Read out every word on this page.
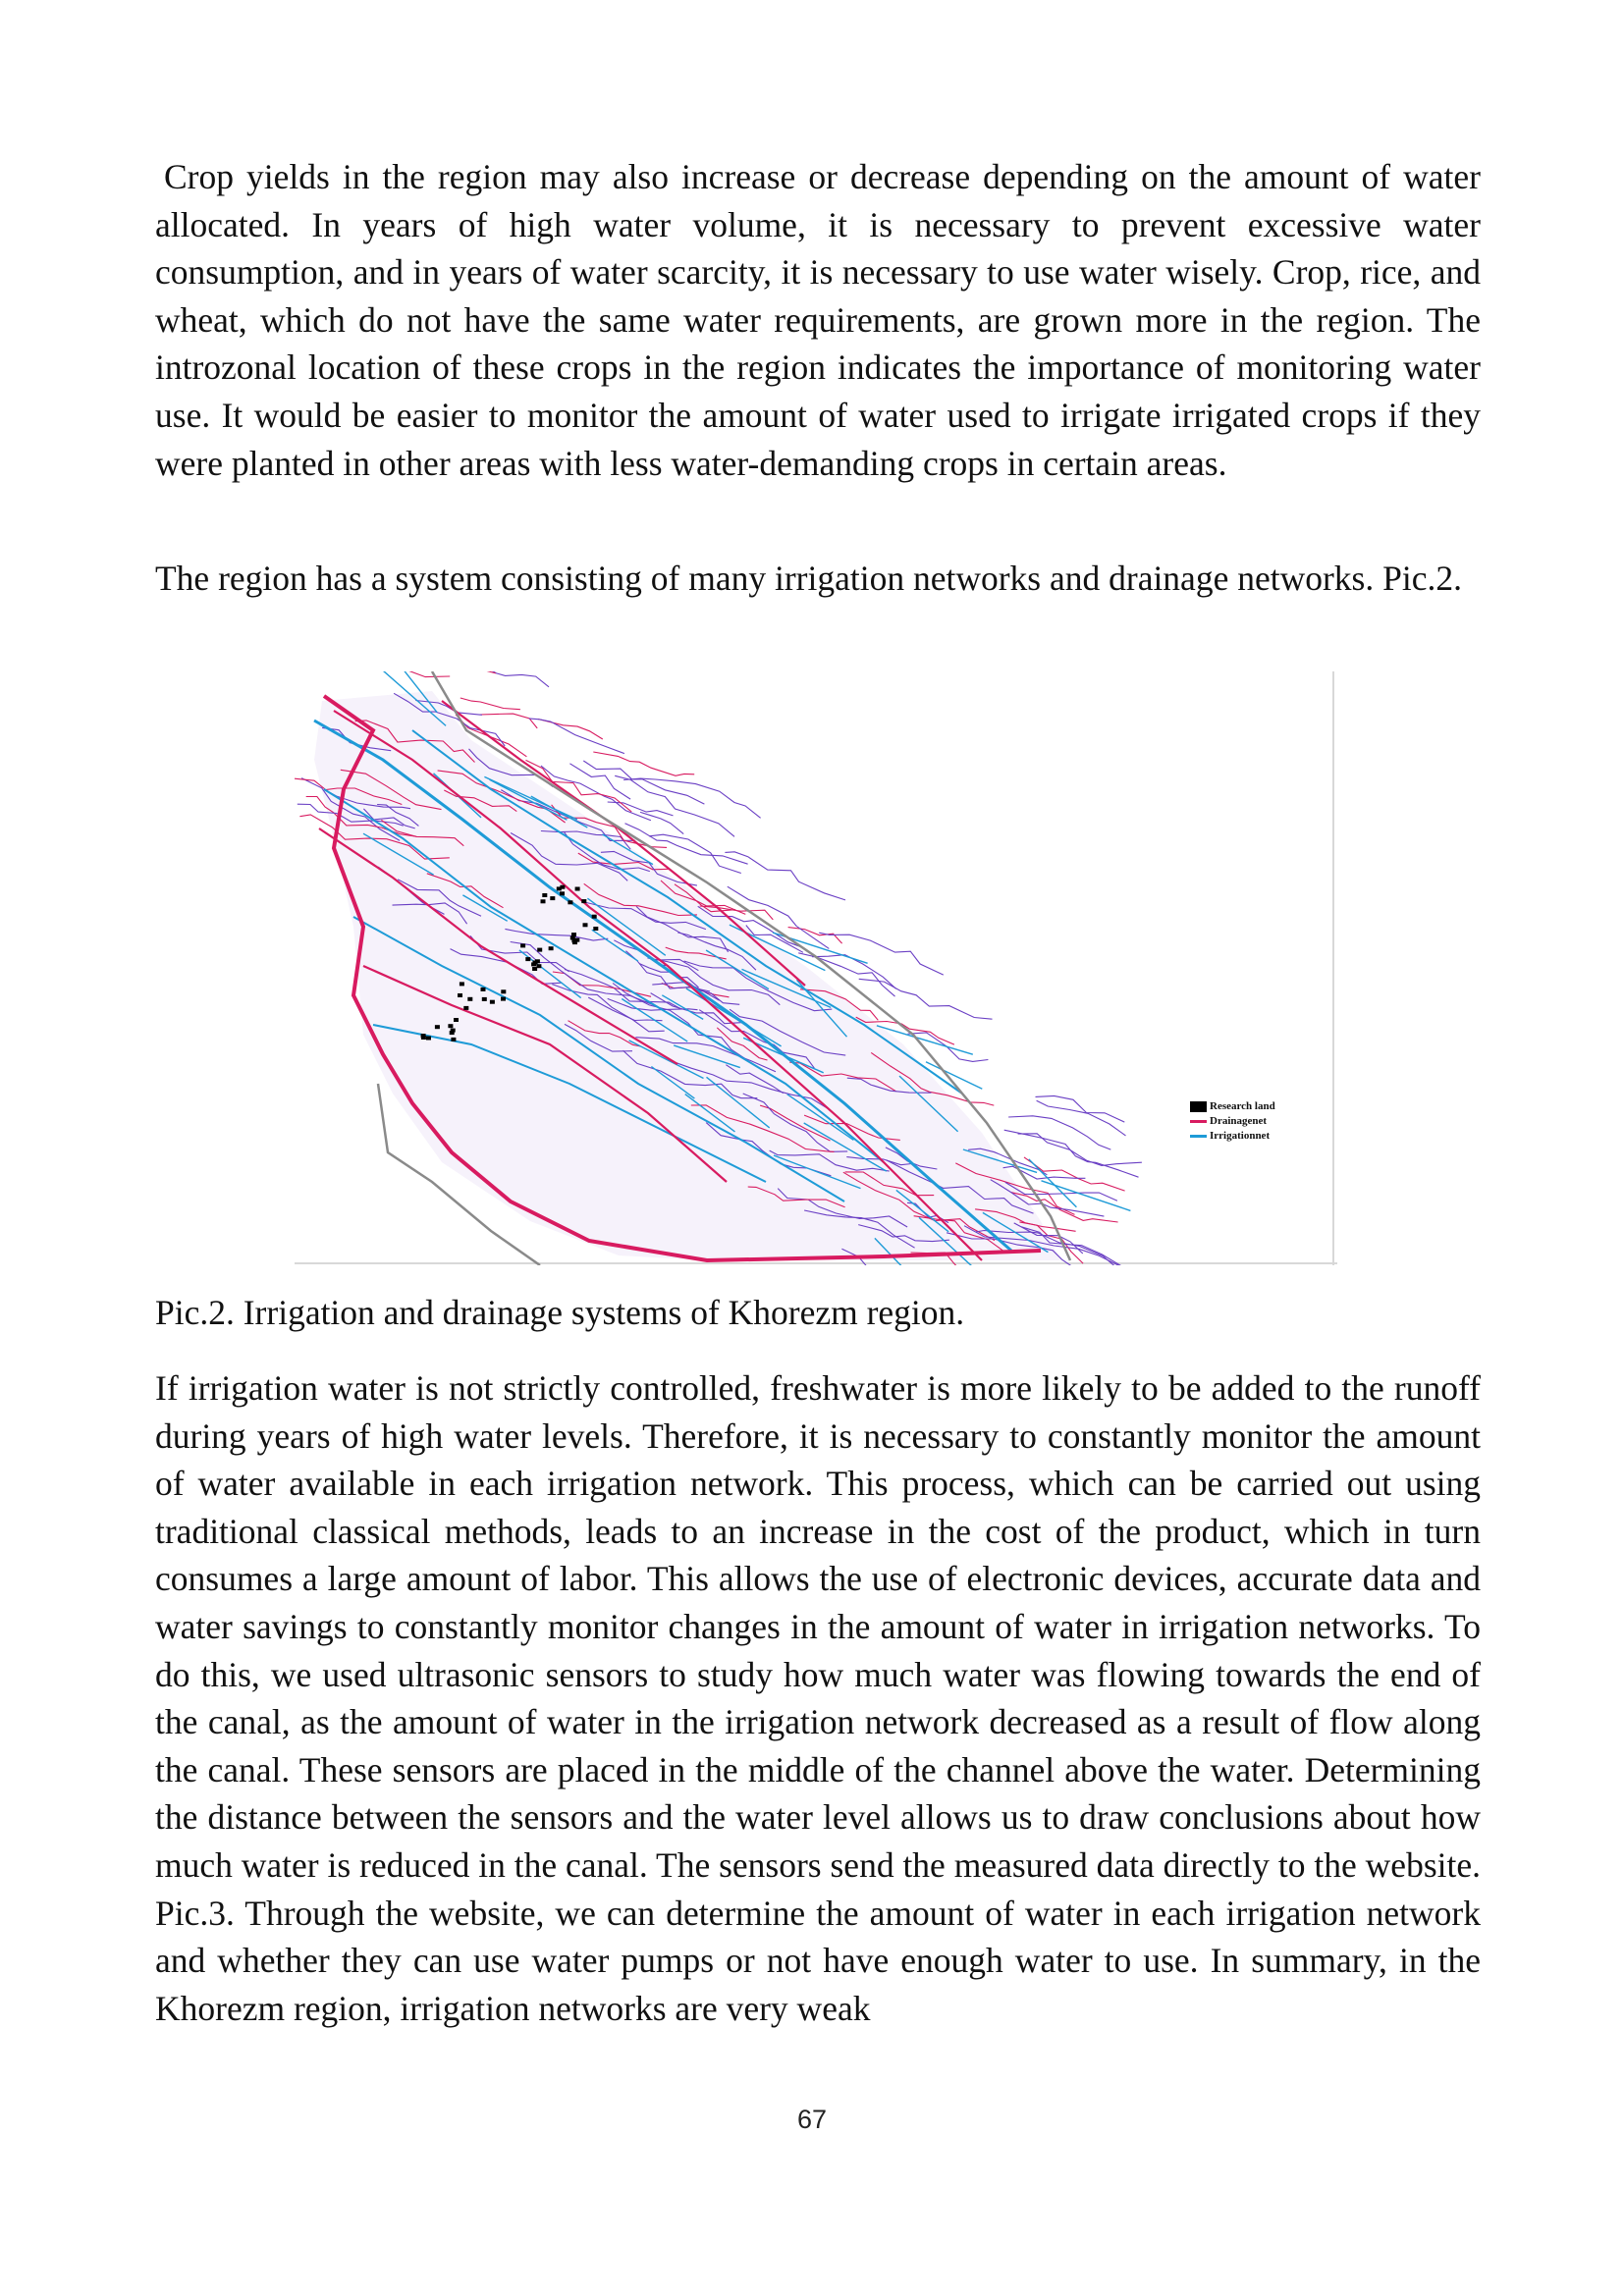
Crop yields in the region may also increase or decrease depending on the amount of water allocated. In years of high water volume, it is necessary to prevent excessive water consumption, and in years of water scarcity, it is necessary to use water wisely. Crop, rice, and wheat, which do not have the same water requirements, are grown more in the region. The introzonal location of these crops in the region indicates the importance of monitoring water use. It would be easier to monitor the amount of water used to irrigate irrigated crops if they were planted in other areas with less water-demanding crops in certain areas.

The region has a system consisting of many irrigation networks and drainage networks. Pic.2.

Research land
Drainagenet
Irrigationnet

Pic.2. Irrigation and drainage systems of Khorezm region.

If irrigation water is not strictly controlled, freshwater is more likely to be added to the runoff during years of high water levels. Therefore, it is necessary to constantly monitor the amount of water available in each irrigation network. This process, which can be carried out using traditional classical methods, leads to an increase in the cost of the product, which in turn consumes a large amount of labor. This allows the use of electronic devices, accurate data and water savings to constantly monitor changes in the amount of water in irrigation networks. To do this, we used ultrasonic sensors to study how much water was flowing towards the end of the canal, as the amount of water in the irrigation network decreased as a result of flow along the canal. These sensors are placed in the middle of the channel above the water. Determining the distance between the sensors and the water level allows us to draw conclusions about how much water is reduced in the canal. The sensors send the measured data directly to the website. Pic.3. Through the website, we can determine the amount of water in each irrigation network and whether they can use water pumps or not have enough water to use. In summary, in the Khorezm region, irrigation networks are very weak

67
